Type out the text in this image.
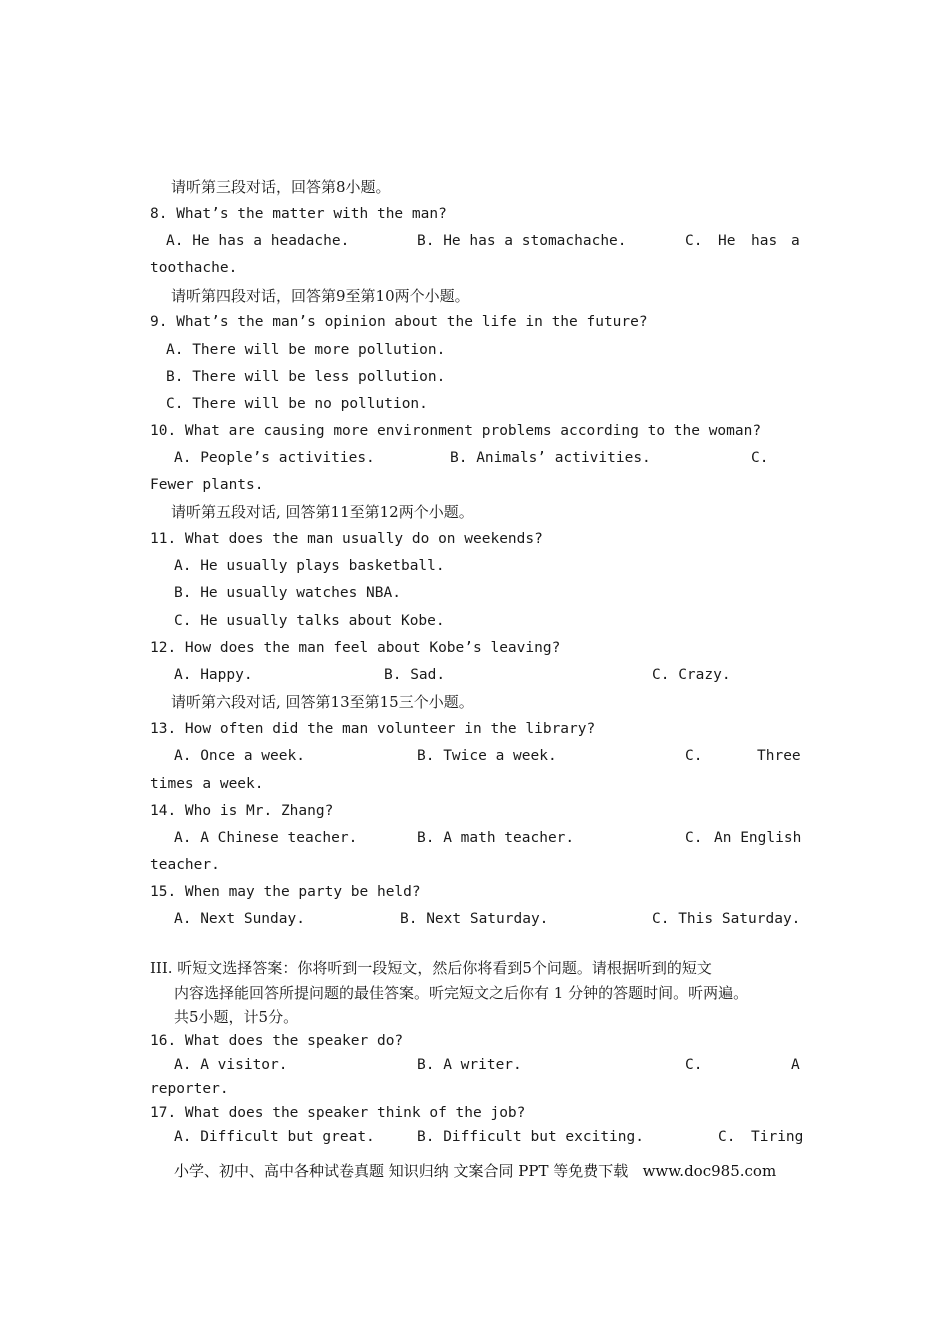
请听第三段对话，回答第8小题。
8. What’s the matter with the man?
A. He has a headache.	B. He has a stomachache.	C. He has a
toothache.
请听第四段对话，回答第9至第10两个小题。
9. What’s the man’s opinion about the life in the future?
A. There will be more pollution.
B. There will be less pollution.
C. There will be no pollution.
10. What are causing more environment problems according to the woman?
A. People’s activities.	B. Animals’ activities.	C.
Fewer plants.
请听第五段对话, 回答第11至第12两个小题。
11. What does the man usually do on weekends?
A. He usually plays basketball.
B. He usually watches NBA.
C. He usually talks about Kobe.
12. How does the man feel about Kobe’s leaving?
A. Happy.	B. Sad.	C. Crazy.
请听第六段对话, 回答第13至第15三个小题。
13. How often did the man volunteer in the library?
A. Once a week.	B. Twice a week.	C.	Three
times a week.
14. Who is Mr. Zhang?
A. A Chinese teacher.	B. A math teacher.	C. An English
teacher.
15. When may the party be held?
A. Next Sunday.	B. Next Saturday.	C. This Saturday.
III. 听短文选择答案：你将听到一段短文，然后你将看到5个问题。请根据听到的短文
内容选择能回答所提问题的最佳答案。听完短文之后你有 1 分钟的答题时间。听两遍。
共5小题，计5分。
16. What does the speaker do?
A. A visitor.	B. A writer.	C.	A
reporter.
17. What does the speaker think of the job?
A. Difficult but great.	B. Difficult but exciting.	C. Tiring
小学、初中、高中各种试卷真题 知识归纳 文案合同 PPT 等免费下载   www.doc985.com
